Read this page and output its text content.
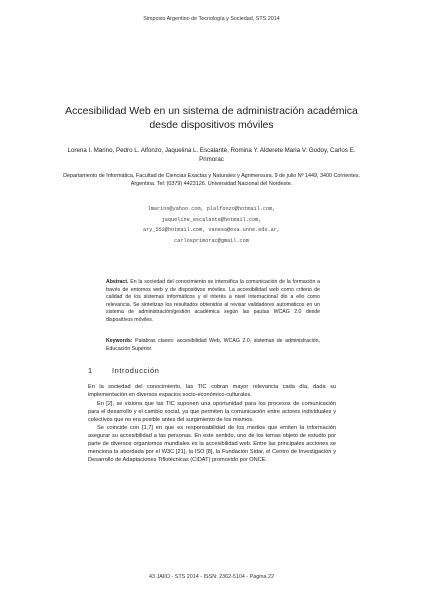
Simposio Argentino de Tecnología y Sociedad, STS 2014
Accesibilidad Web en un sistema de administración académica desde dispositivos móviles
Lorena I. Marino, Pedro L. Alfonzo, Jaquelina L. Escalante, Romina Y. Alderete Maria V. Godoy, Carlos E. Primorac
Departamento de Informática, Facultad de Ciencias Exactas y Naturales y Agrimensura. 9 de julio Nº 1449, 3400 Corrientes. Argentina. Tel: (0379) 4423126. Universidad Nacional del Nordeste.
lmarino@yahoo.com, plalfonzo@hotmail.com,
jaqueline_escalante@hotmail.com,
ary_553@hotmail.com, vanesa@exa.unne.edu.ar,
carlosprimorac@gmail.com
Abstract. En la sociedad del conocimiento se intensifica la comunicación de la formación a través de entornos web y de dispositivos móviles. La accesibilidad web como criterio de calidad de los sistemas informáticos y el interés a nivel internacional dio a ello como relevancia. Se sintetizan los resultados obtenidos al revisar validadores automáticos en un sistema de administración/gestión académica según las pautas WCAG 2.0 desde dispositivos móviles.
Keywords: Palabras claves: accesibilidad Web, WCAG 2.0, sistemas de administración, Educación Superior.
1	Introducción

En la sociedad del conocimiento, las TIC cobran mayor relevancia cada día, dada su implementación en diversos espacios socio-económico-culturales.

En [2], se visiona que las TIC suponen una oportunidad para los procesos de comunicación para el desarrollo y el cambio social, ya que permiten la comunicación entre actores individuales y colectivos que no era posible antes del surgimiento de los mismos.

Se coincide con [1,7] en que es responsabilidad de los medios que emiten la información asegurar su accesibilidad a las personas. En este sentido, uno de los temas objeto de estudio por parte de diversos organismos mundiales es la accesibilidad web. Entre las principales acciones se menciona la abordada por el W3C [21], la ISO [8], la Fundación Sidar, el Centro de Investigación y Desarrollo de Adaptaciones Tiflotécnicas (CIDAT) promovido por ONCE.

43 JAIIO - STS 2014 - ISSN: 2362-5104 - Página 22
